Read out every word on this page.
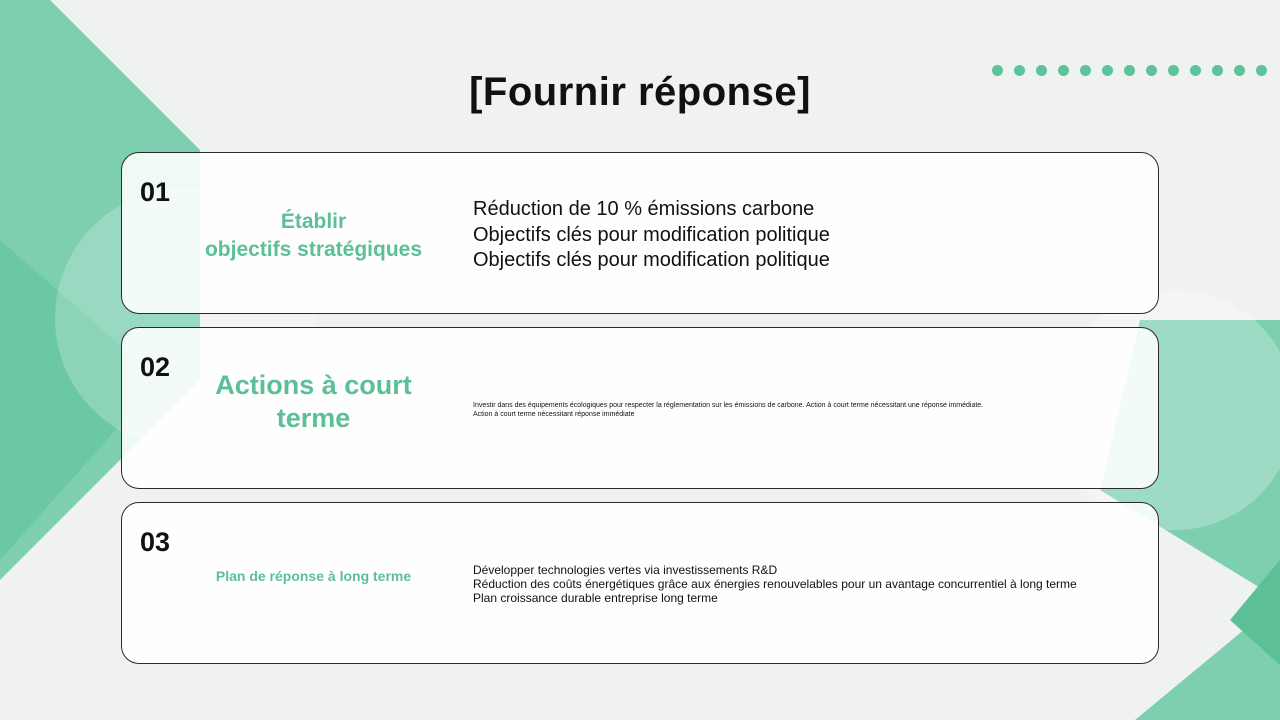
[Fournir réponse]
01
Établir
objectifs stratégiques
Réduction de 10 % émissions carbone
Objectifs clés pour modification politique
Objectifs clés pour modification politique
02
Actions à court
terme	Investir dans des équipements écologiques pour respecter la réglementation sur les émissions de carbone. Action à court terme nécessitant une réponse immédiate.
Action à court terme nécessitant réponse immédiate
03
Plan de réponse à long terme	Développer technologies vertes via investissements R&D
Réduction des coûts énergétiques grâce aux énergies renouvelables pour un avantage concurrentiel à long terme
Plan croissance durable entreprise long terme
